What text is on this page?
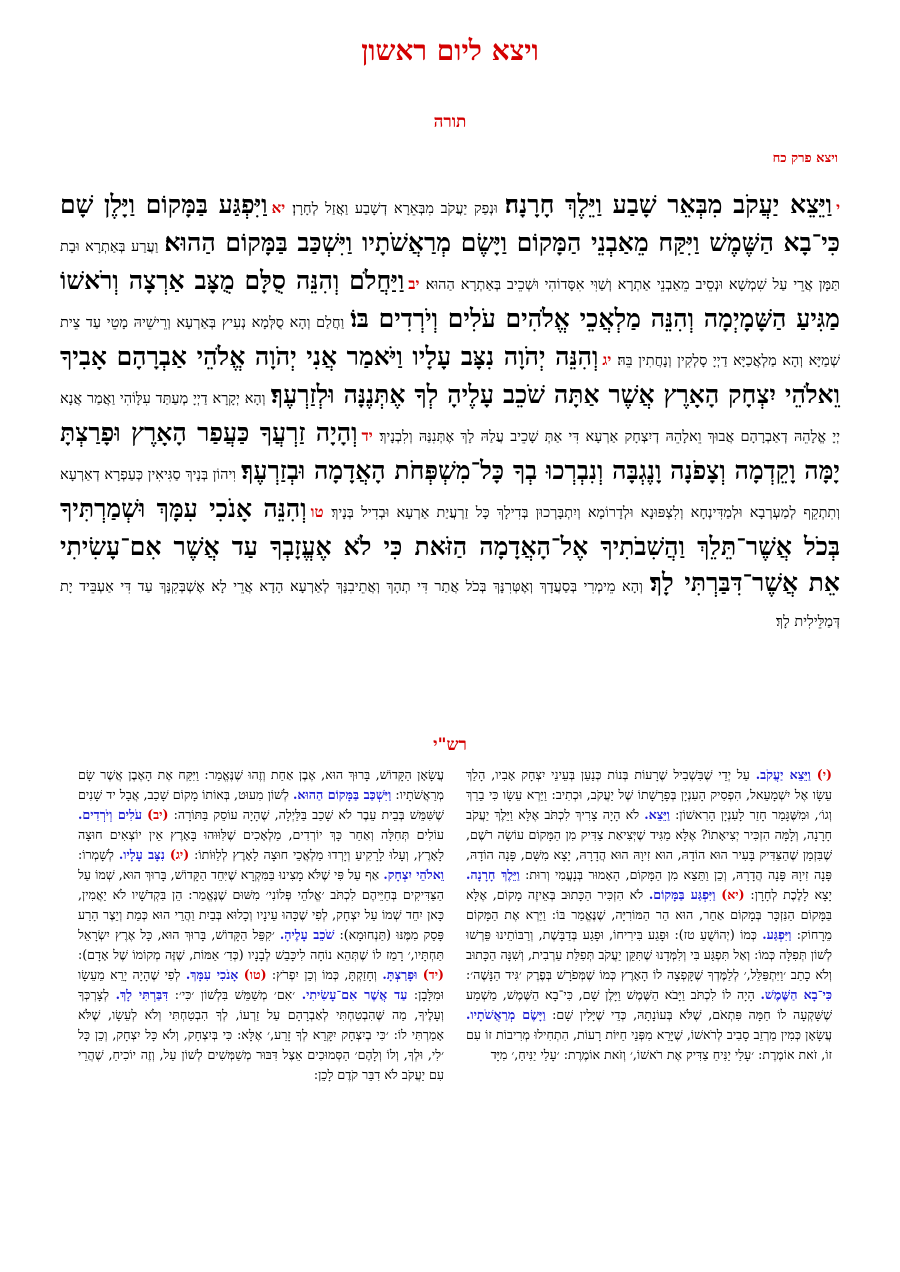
ויצא ליום ראשון
תורה
ויצא פרק כח
יוַיֵּצֵא יַעֲקֹב מִבְּאֵר שָׁבַע וַיֵּלֶךְ חָרָנָה׃ וּנְפַק יַעֲקֹב מִבְּאֵרָא דְשָׁבַע וַאֲזַל לְחָרָן׃ יאוַיִּפְגַּע בַּמָּקוֹם וַיָּלֶן שָׁם כִּי־בָא הַשֶּׁמֶשׁ וַיִּקַּח מֵאַבְנֵי הַמָּקוֹם וַיָּשֶׂם מְרַאֲשֹׁתָיו וַיִּשְׁכַּב בַּמָּקוֹם הַהוּא׃ וַעֲרַע בְּאַתְרָא וּבָת תַּמָּן אֲרֵי עַל שִׁמְשָׁא וּנְסֵיב מֵאַבְנֵי אַתְרָא וְשַׁוִּי אִסָּדוֹהִי וּשְׁכֵיב בְּאַתְרָא הַהוּא׃ יבוַיַּחֲלֹם וְהִנֵּה סֻלָּם מֻצָּב אַרְצָה וְרֹאשׁוֹ מַגִּיעַ הַשָּׁמָיְמָה וְהִנֵּה מַלְאֲכֵי אֱלֹהִים עֹלִים וְיֹרְדִים בּוֹ׃ וַחֲלַם וְהָא סֻלְּמָא נְעִיץ בְּאַרְעָא וְרֵישֵׁיהּ מָטֵי עַד צֵית שְׁמַיָּא וְהָא מַלְאֲכַיָּא דַיְיָ סָלְקִין וְנָחֲתִין בֵּהּ׃ יגוְהִנֵּה יְהֹוָה נִצָּב עָלָיו וַיֹּאמַר אֲנִי יְהֹוָה אֱלֹהֵי אַבְרָהָם אָבִיךָ וֵאלֹהֵי יִצְחָק הָאָרֶץ אֲשֶׁר אַתָּה שֹׁכֵב עָלֶיהָ לְךָ אֶתְּנֶנָּה וּלְזַרְעֶךָ׃ וְהָא יְקָרָא דַיְיָ מְעַתַּד עִלָּוֹהִי וַאֲמַר אֲנָא יְיָ אֱלָהֵהּ דְאַבְרָהָם אֲבוּךְ וֵאלָהֵהּ דְיִצְחָק אַרְעָא דִּי אַתְּ שָׁכֵיב עֲלַהּ לָךְ אֶתְּנִנַּהּ וְלִבְנָיךְ׃ ידוְהָיָה זַרְעֲךָ כַּעֲפַר הָאָרֶץ וּפָרַצְתָּ יָמָּה וָקֵדְמָה וְצָפֹנָה וָנֶגְבָּה וְנִבְרְכוּ בְךָ כָּל־מִשְׁפְּחֹת הָאֲדָמָה וּבְזַרְעֶךָ׃ וִיהוֹן בְּנָיךְ סַגִּיאִין כְּעַפְרָא דְאַרְעָא וְתִתְקֵף לְמַעְרְבָא וּלְמַדִּינְחָא וְלִצְפּוּנָא וּלְדָרוֹמָא וְיִתְבָּרְכוּן בְּדִילָךְ כָּל זַרְעֲיַת אַרְעָא וּבְדִיל בְּנָיךְ׃ טווְהִנֵּה אָנֹכִי עִמָּךְ וּשְׁמַרְתִּיךָ בְּכֹל אֲשֶׁר־תֵּלֵךְ וַהֲשִׁבֹתִיךָ אֶל־הָאֲדָמָה הַזֹּאת כִּי לֹא אֶעֱזָבְךָ עַד אֲשֶׁר אִם־עָשִׂיתִי אֵת אֲשֶׁר־דִּבַּרְתִּי לָךְ׃ וְהָא מֵימְרִי בְּסַעֲדָךְ וְאֶטְּרִנָּךְ בְּכֹל אֲתַר דִּי תְהָךְ וְאֲתֵיבִנָּךְ לְאַרְעָא הָדָא אֲרֵי לָא אֶשְׁבְּקִנָּךְ עַד דִּי אַעְבֵּיד יָת דְּמַלֵּילִית לָךְ׃
רש"י
(י) וַיֵּצֵא יַעֲקֹב. עַל יְדֵי שֶׁבִּשְׁבִיל שֶׁרָעוֹת בְּנוֹת כְּנַעַן בְּעֵינֵי יִצְחָק אָבִיו, הָלַךְ עֵשָׂו אֶל יִשְׁמָעֵאל, הִפְסִיק הָעִנְיָן בְּפָרָשָׁתוֹ שֶׁל יַעֲקֹב, וּכְתִיב: וַיַּרְא עֵשָׂו כִּי בֵרַךְ וְגוֹ׳, וּמִשֶּׁגָּמַר חָזַר לָעִנְיָן הָרִאשׁוֹן: וַיֵּצֵא. לֹא הָיָה צָרִיךְ לִכְתֹּב אֶלָּא וַיֵּלֶךְ יַעֲקֹב חָרָנָה, וְלָמָּה הִזְכִּיר יְצִיאָתוֹ? אֶלָּא מַגִּיד שֶׁיְּצִיאַת צַדִּיק מִן הַמָּקוֹם עוֹשָׂה רֹשֶׁם, שֶׁבִּזְמַן שֶׁהַצַּדִּיק בָּעִיר הוּא הוֹדָהּ, הוּא זִיוָהּ הוּא הֲדָרָהּ, יָצָא מִשָּׁם, פָּנָה הוֹדָהּ, פָּנָה זִיוָהּ פָּנָה הֲדָרָהּ, וְכֵן וַתֵּצֵא מִן הַמָּקוֹם, הָאָמוּר בְּנָעֳמִי וְרוּת: וַיֵּלֶךְ חָרָנָה. יָצָא לָלֶכֶת לְחָרָן: (יא) וַיִּפְגַּע בַּמָּקוֹם. לֹא הִזְכִּיר הַכָּתוּב בְּאֵיזֶה מָקוֹם, אֶלָּא בַּמָּקוֹם הַנִּזְכָּר בְּמָקוֹם אַחֵר, הוּא הַר הַמּוֹרִיָּה, שֶׁנֶּאֱמַר בּוֹ: וַיַּרְא אֶת הַמָּקוֹם מֵרָחוֹק: וַיִּפְגַּע. כְּמוֹ (יְהוֹשֻׁעַ טז): וּפָגַע בִּירִיחוֹ, וּפָגַע בְּדַבָּשֶׁת, וְרַבּוֹתֵינוּ פֵּרְשׁוּ לְשׁוֹן תְּפִלָּה כְּמוֹ: וְאַל תִּפְגַּע בִּי וְלִמְּדָנוּ שֶׁתִּקֵּן יַעֲקֹב תְּפִלַּת עַרְבִית, וְשִׁנָּה הַכָּתוּב וְלֹא כָתַב ׳וַיִּתְפַּלֵּל,׳ לְלַמֶּדְךָ שֶׁקָּפְצָה לוֹ הָאָרֶץ כְּמוֹ שֶׁמְּפֹרָשׁ בְּפֶרֶק ׳גִּיד הַנָּשֶׁה׳: כִּי־בָא הַשֶּׁמֶשׁ. הָיָה לוֹ לִכְתֹּב וַיָּבֹא הַשֶּׁמֶשׁ וַיָּלֶן שָׁם, כִּי־בָא הַשֶּׁמֶשׁ, מַשְׁמַע שֶׁשָּׁקְעָה לוֹ חַמָּה פִּתְאֹם, שֶׁלֹּא בְּעוֹנָתָהּ, כְּדֵי שֶׁיָּלִין שָׁם: וַיָּשֶׂם מְרַאֲשֹׁתָיו. עֲשָׂאָן כְּמִין מַרְזֵב סָבִיב לְרֹאשׁוֹ, שֶׁיָּרֵא מִפְּנֵי חַיּוֹת רָעוֹת, הִתְחִילוּ מְרִיבוֹת זוֹ עִם זוֹ, זֹאת אוֹמֶרֶת: ׳עָלַי יַנִּיחַ צַדִּיק אֶת רֹאשׁוֹ,׳ וְזֹאת אוֹמֶרֶת: ׳עָלַי יַנִּיחַ,׳ מִיָּד
עֲשָׂאָן הַקָּדוֹשׁ, בָּרוּךְ הוּא, אֶבֶן אַחַת וְזֶהוּ שֶׁנֶּאֱמַר: וַיִּקַּח אֶת הָאֶבֶן אֲשֶׁר שָׂם מְרַאֲשֹׁתָיו: וַיִּשְׁכַּב בַּמָּקוֹם הַהוּא. לְשׁוֹן מִעוּט, בְּאוֹתוֹ מָקוֹם שָׁכַב, אֲבָל יד שָׁנִים שֶׁשִּׁמֵּשׁ בְּבֵית עֵבֶר לֹא שָׁכַב בַּלַּיְלָה, שֶׁהָיָה עוֹסֵק בַּתּוֹרָה: (יב) עֹלִים וְיֹרְדִים. עוֹלִים תְּחִלָּה וְאַחַר כָּךְ יוֹרְדִים, מַלְאָכִים שֶׁלִּוּוּהוּ בָּאָרֶץ אֵין יוֹצְאִים חוּצָה לָאָרֶץ, וְעָלוּ לָרָקִיעַ וְיָרְדוּ מַלְאֲכֵי חוּצָה לָאָרֶץ לְלַוּוֹתוֹ: (יג) נִצָּב עָלָיו. לְשָׁמְרוֹ: וֵאלֹהֵי יִצְחָק. אַף עַל פִּי שֶׁלֹּא מָצִינוּ בַּמִּקְרָא שֶׁיִּחֵד הַקָּדוֹשׁ, בָּרוּךְ הוּא, שְׁמוֹ עַל הַצַּדִּיקִים בְּחַיֵּיהֶם לִכְתֹּב ׳אֱלֹהֵי פְּלוֹנִי׳ מִשּׁוּם שֶׁנֶּאֱמַר: הֵן בִּקְדֹשָׁיו לֹא יַאֲמִין, כָּאן יִחֵד שְׁמוֹ עַל יִצְחָק, לְפִי שֶׁכָּהוּ עֵינָיו וְכָלוּא בְּבַיִת וַהֲרֵי הוּא כְּמֵת וְיֵצֶר הָרַע פָּסַק מִמֶּנּוּ (תַּנְחוּמָא): שֹׁכֵב עָלֶיהָ. ׳קִפֵּל הַקָּדוֹשׁ, בָּרוּךְ הוּא, כָּל אֶרֶץ יִשְׂרָאֵל תַּחְתָּיו,׳ רָמַז לוֹ שֶׁתְּהֵא נוֹחָה לִיכָּבֵשׁ לְבָנָיו (כְּדִ׳ אַמּוֹת, שֶׁזֶּה מְקוֹמוֹ שֶׁל אָדָם): (יד) וּפָרַצְתָּ. וְחָזַקְתָּ, כְּמוֹ וְכֵן יִפְרֹץ: (טו) אָנֹכִי עִמָּךְ. לְפִי שֶׁהָיָה יָרֵא מֵעֵשָׂו וּמִלָּבָן: עַד אֲשֶׁר אִם־עָשִׂיתִי. ׳אִם׳ מְשַׁמֵּשׁ בִּלְשׁוֹן ׳כִּי׳: דִּבַּרְתִּי לָךְ. לְצָרְכְּךָ וְעָלֶיךָ, מַה שֶּׁהִבְטַחְתִּי לְאַבְרָהָם עַל זַרְעוֹ, לְךָ הִבְטַחְתִּי וְלֹא לְעֵשָׂו, שֶׁלֹּא אָמַרְתִּי לוֹ: ׳כִּי בְיִצְחָק יִקָּרֵא לְךָ זָרַע,׳ אֶלָּא: כִּי בְּיִצְחָק, וְלֹא כָּל יִצְחָק, וְכֵן כָּל ׳לִי, וּלְךָ, וְלוֹ וְלָהֶם׳ הַסְּמוּכִים אֵצֶל דִּבּוּר מְשַׁמְּשִׁים לְשׁוֹן עַל, וְזֶה יוֹכִיחַ, שֶׁהֲרֵי עִם יַעֲקֹב לֹא דִבֵּר קֹדֶם לָכֵן:
